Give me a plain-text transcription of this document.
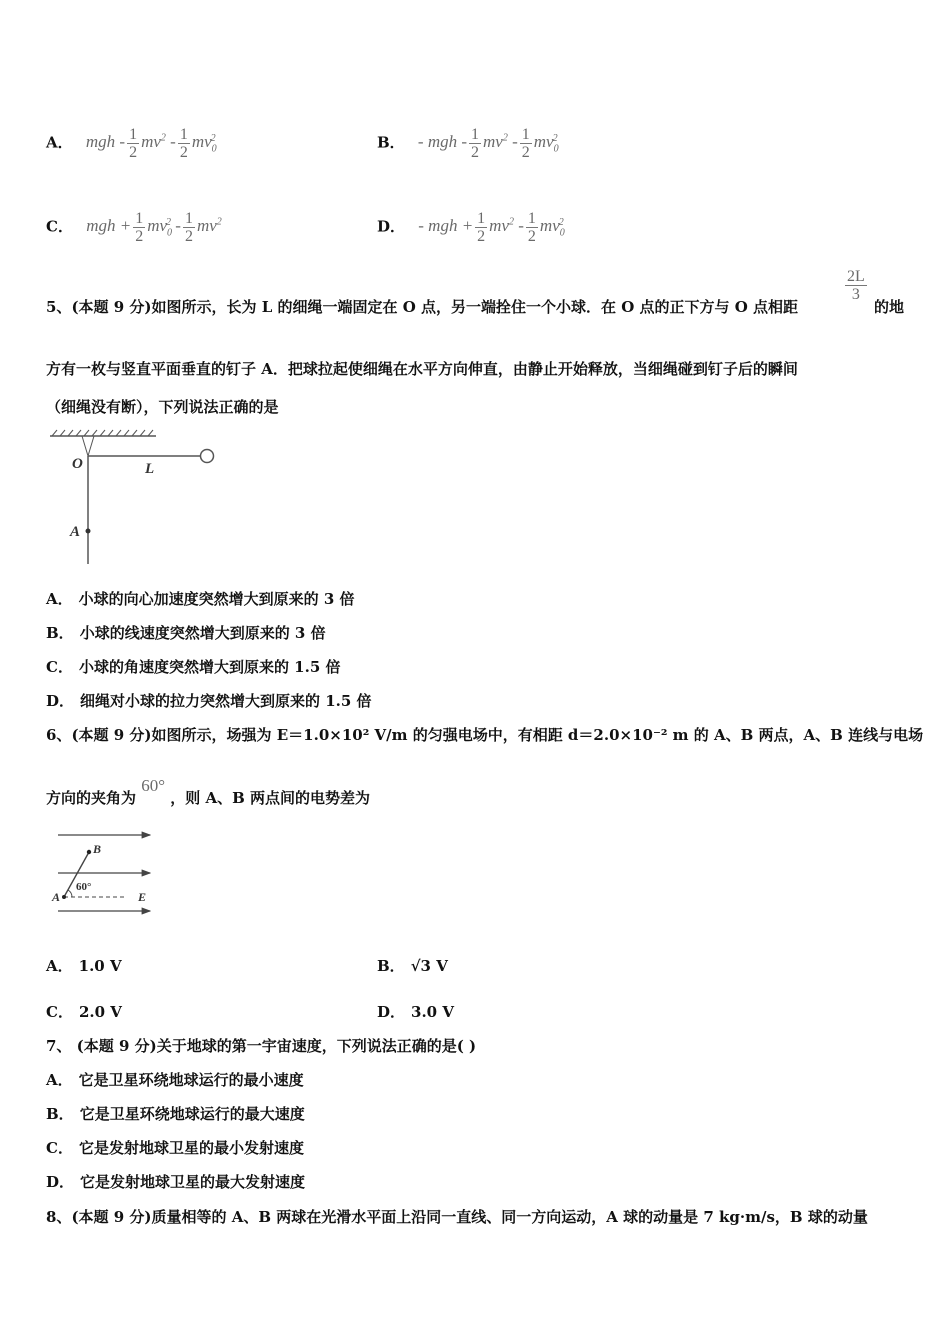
A． mgh - $\frac{1}{2} mv^2 - \frac{1}{2} mv_0^2$	B． - mgh - $\frac{1}{2} mv^2 - \frac{1}{2} mv_0^2$
C． mgh + $\frac{1}{2} mv_0^2 - \frac{1}{2} mv^2$	D． - mgh + $\frac{1}{2} mv^2 - \frac{1}{2} mv_0^2$
5、(本题 9 分)如图所示，长为 L 的细绳一端固定在 O 点，另一端拴住一个小球．在 O 点的正下方与 O 点相距
$\frac{2L}{3}$
的地
方有一枚与竖直平面垂直的钉子 A．把球拉起使细绳在水平方向伸直，由静止开始释放，当细绳碰到钉子后的瞬间
（细绳没有断），下列说法正确的是
O	L
A
A． 小球的向心加速度突然增大到原来的 3 倍
B． 小球的线速度突然增大到原来的 3 倍
C． 小球的角速度突然增大到原来的 1.5 倍
D． 细绳对小球的拉力突然增大到原来的 1.5 倍
6、(本题 9 分)如图所示，场强为 E＝1.0×10² V/m 的匀强电场中，有相距 d＝2.0×10⁻² m 的 A、B 两点，A、B 连线与电场
方向的夹角为 60° ，则 A、B 两点间的电势差为
B
A	E
60°
A． 1.0 V	B． √3 V
C． 2.0 V	D． 3.0 V
7、 (本题 9 分)关于地球的第一宇宙速度，下列说法正确的是( )
A． 它是卫星环绕地球运行的最小速度
B． 它是卫星环绕地球运行的最大速度
C． 它是发射地球卫星的最小发射速度
D． 它是发射地球卫星的最大发射速度
8、(本题 9 分)质量相等的 A、B 两球在光滑水平面上沿同一直线、同一方向运动，A 球的动量是 7 kg·m/s，B 球的动量
